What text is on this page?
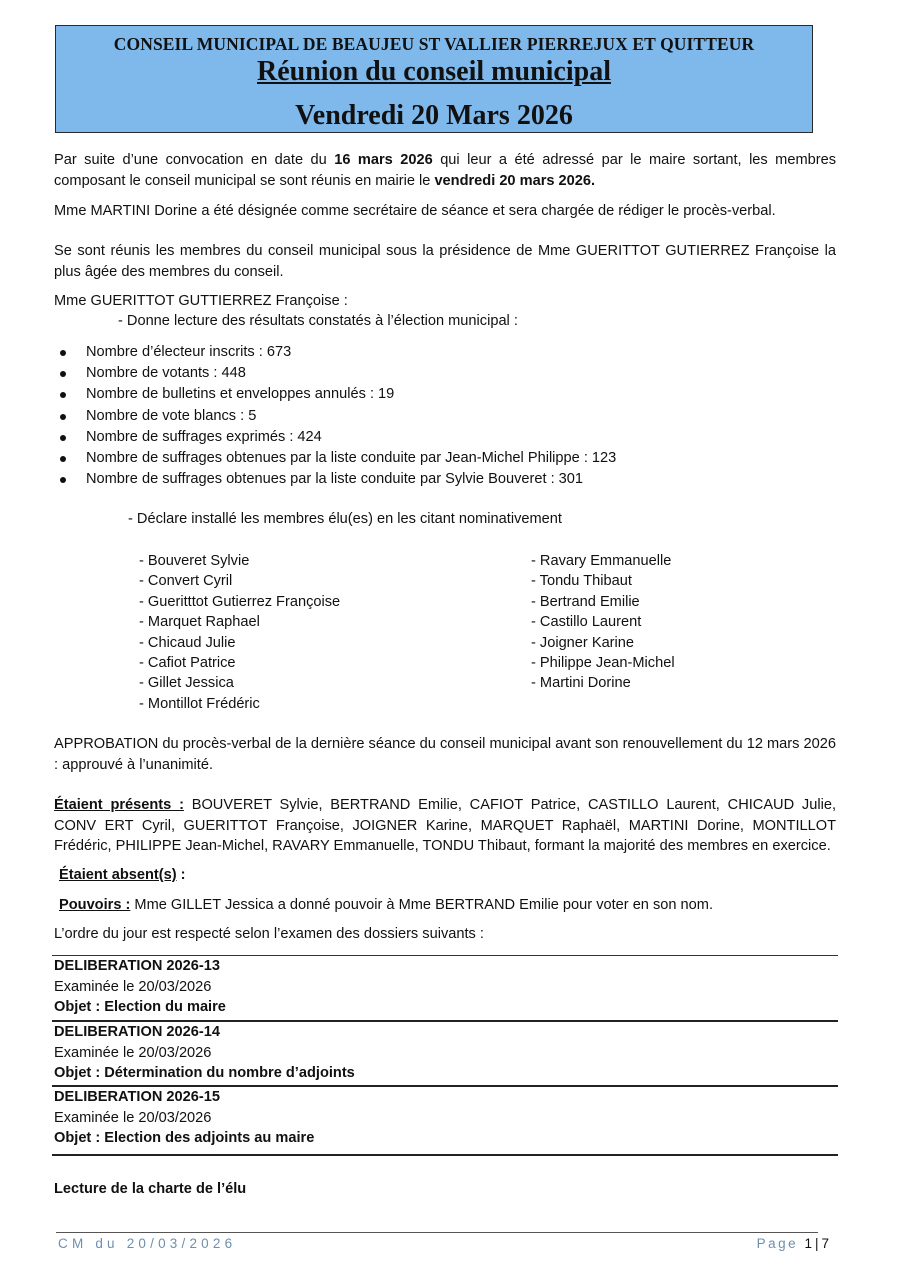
CONSEIL MUNICIPAL DE BEAUJEU ST VALLIER PIERREJUX ET QUITTEUR
Réunion du conseil municipal
Vendredi 20 Mars 2026
Par suite d’une convocation en date du 16 mars 2026 qui leur a été adressé par le maire sortant, les membres composant le conseil municipal se sont réunis en mairie le vendredi 20 mars 2026.
Mme MARTINI Dorine a été désignée comme secrétaire de séance et sera chargée de rédiger le procès-verbal.
Se sont réunis les membres du conseil municipal sous la présidence de Mme GUERITTOT GUTIERREZ Françoise la plus âgée des membres du conseil.
Mme GUERITTOT GUTTIERREZ Françoise :
- Donne lecture des résultats constatés à l’élection municipal :
Nombre d’électeur inscrits : 673
Nombre de votants : 448
Nombre de bulletins et enveloppes annulés : 19
Nombre de vote blancs : 5
Nombre de suffrages exprimés : 424
Nombre de suffrages obtenues par la liste conduite par Jean-Michel Philippe : 123
Nombre de suffrages obtenues par la liste conduite par Sylvie Bouveret : 301
- Déclare installé les membres élu(es) en les citant nominativement
- Bouveret Sylvie
- Convert Cyril
- Gueritttot Gutierrez Françoise
- Marquet Raphael
- Chicaud Julie
- Cafiot Patrice
- Gillet Jessica
- Montillot Frédéric
- Ravary Emmanuelle
- Tondu Thibaut
- Bertrand Emilie
- Castillo Laurent
- Joigner Karine
- Philippe Jean-Michel
- Martini Dorine
APPROBATION du procès-verbal de la dernière séance du conseil municipal avant son renouvellement du 12 mars 2026 : approuvé à l’unanimité.
Étaient présents : BOUVERET Sylvie, BERTRAND Emilie, CAFIOT Patrice, CASTILLO Laurent, CHICAUD Julie, CONV ERT Cyril, GUERITTOT Françoise, JOIGNER Karine, MARQUET Raphaël, MARTINI Dorine, MONTILLOT Frédéric, PHILIPPE Jean-Michel, RAVARY Emmanuelle, TONDU Thibaut, formant la majorité des membres en exercice.
Étaient absent(s) :
Pouvoirs : Mme GILLET Jessica a donné pouvoir à Mme BERTRAND Emilie pour voter en son nom.
L’ordre du jour est respecté selon l’examen des dossiers suivants :
DELIBERATION 2026-13
Examinée le 20/03/2026
Objet : Election du maire
DELIBERATION 2026-14
Examinée le 20/03/2026
Objet : Détermination du nombre d’adjoints
DELIBERATION 2026-15
Examinée le 20/03/2026
Objet : Election des adjoints au maire
Lecture de la charte de l’élu
CM du 20/03/2026	Page 1 | 7
